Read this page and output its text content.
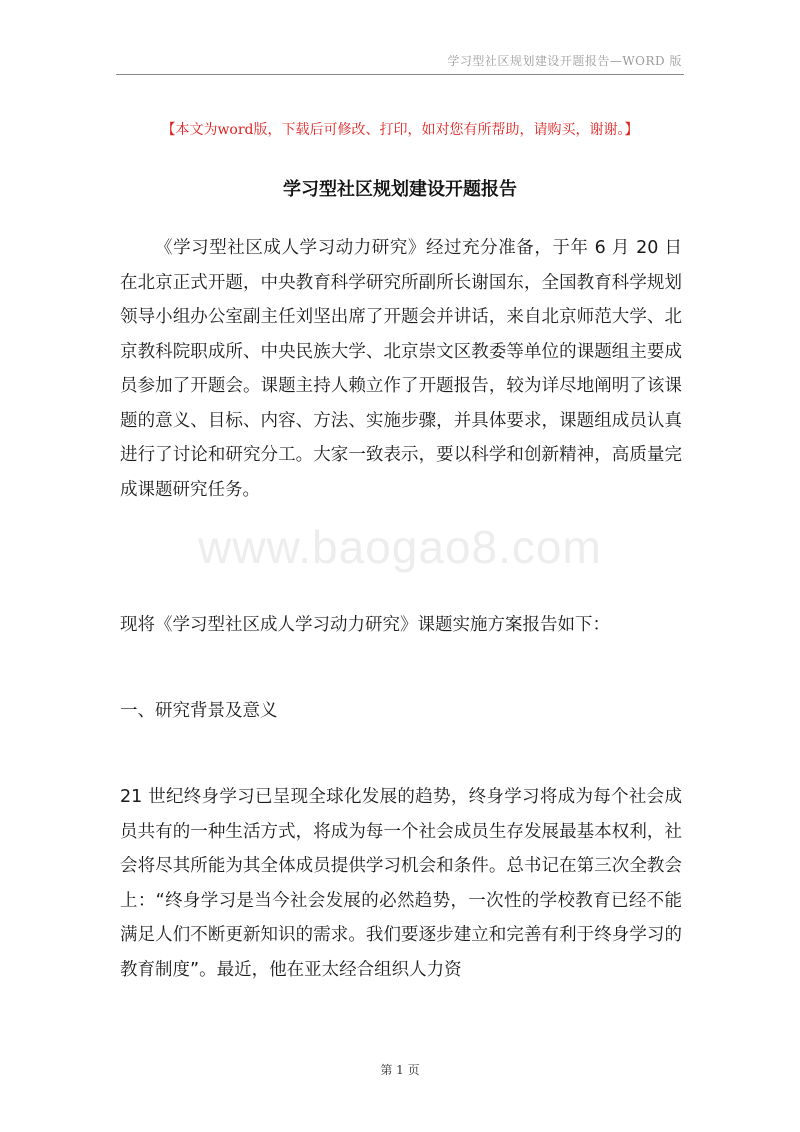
学习型社区规划建设开题报告—WORD 版
【本文为word版，下载后可修改、打印，如对您有所帮助，请购买，谢谢。】
学习型社区规划建设开题报告
www.baogao8.com

《学习型社区成人学习动力研究》经过充分准备，于年 6 月 20 日在北京正式开题，中央教育科学研究所副所长谢国东，全国教育科学规划领导小组办公室副主任刘坚出席了开题会并讲话，来自北京师范大学、北京教科院职成所、中央民族大学、北京崇文区教委等单位的课题组主要成员参加了开题会。课题主持人赖立作了开题报告，较为详尽地阐明了该课题的意义、目标、内容、方法、实施步骤，并具体要求，课题组成员认真进行了讨论和研究分工。大家一致表示，要以科学和创新精神，高质量完成课题研究任务。

现将《学习型社区成人学习动力研究》课题实施方案报告如下：

一、研究背景及意义

21 世纪终身学习已呈现全球化发展的趋势，终身学习将成为每个社会成员共有的一种生活方式，将成为每一个社会成员生存发展最基本权利，社会将尽其所能为其全体成员提供学习机会和条件。总书记在第三次全教会上：“终身学习是当今社会发展的必然趋势，一次性的学校教育已经不能满足人们不断更新知识的需求。我们要逐步建立和完善有利于终身学习的教育制度”。最近，他在亚太经合组织人力资

第 1 页
